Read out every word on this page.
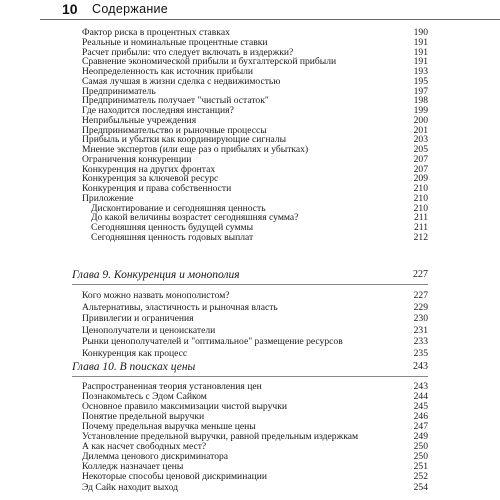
10 Содержание
Фактор риска в процентных ставках	190
Реальные и номинальные процентные ставки	191
Расчет прибыли: что следует включать в издержки?	191
Сравнение экономической прибыли и бухгалтерской прибыли	191
Неопределенность как источник прибыли	193
Самая лучшая в жизни сделка с недвижимостью	195
Предприниматель	197
Предприниматель получает "чистый остаток"	198
Где находится последняя инстанция?	199
Неприбыльные учреждения	200
Предпринимательство и рыночные процессы	201
Прибыль и убытки как координирующие сигналы	203
Мнение экспертов (или еще раз о прибылях и убытках)	205
Ограничения конкуренции	207
Конкуренция на других фронтах	207
Конкуренция за ключевой ресурс	209
Конкуренция и права собственности	210
Приложение	210
Дисконтирование и сегодняшняя ценность	210
До какой величины возрастет сегодняшняя сумма?	211
Сегодняшняя ценность будущей суммы	211
Сегодняшняя ценность годовых выплат	212
Глава 9. Конкуренция и монополия	227
Кого можно назвать монополистом?	227
Альтернативы, эластичность и рыночная власть	229
Привилегии и ограничения	230
Ценополучатели и ценоискатели	231
Рынки ценополучателей и "оптимальное" размещение ресурсов	233
Конкуренция как процесс	235
Глава 10. В поисках цены	243
Распространенная теория установления цен	243
Познакомьтесь с Эдом Сайком	244
Основное правило максимизации чистой выручки	245
Понятие предельной выручки	246
Почему предельная выручка меньше цены	247
Установление предельной выручки, равной предельным издержкам	249
А как насчет свободных мест?	250
Дилемма ценового дискриминатора	250
Колледж назначает цены	251
Некоторые способы ценовой дискриминации	252
Эд Сайк находит выход	254
